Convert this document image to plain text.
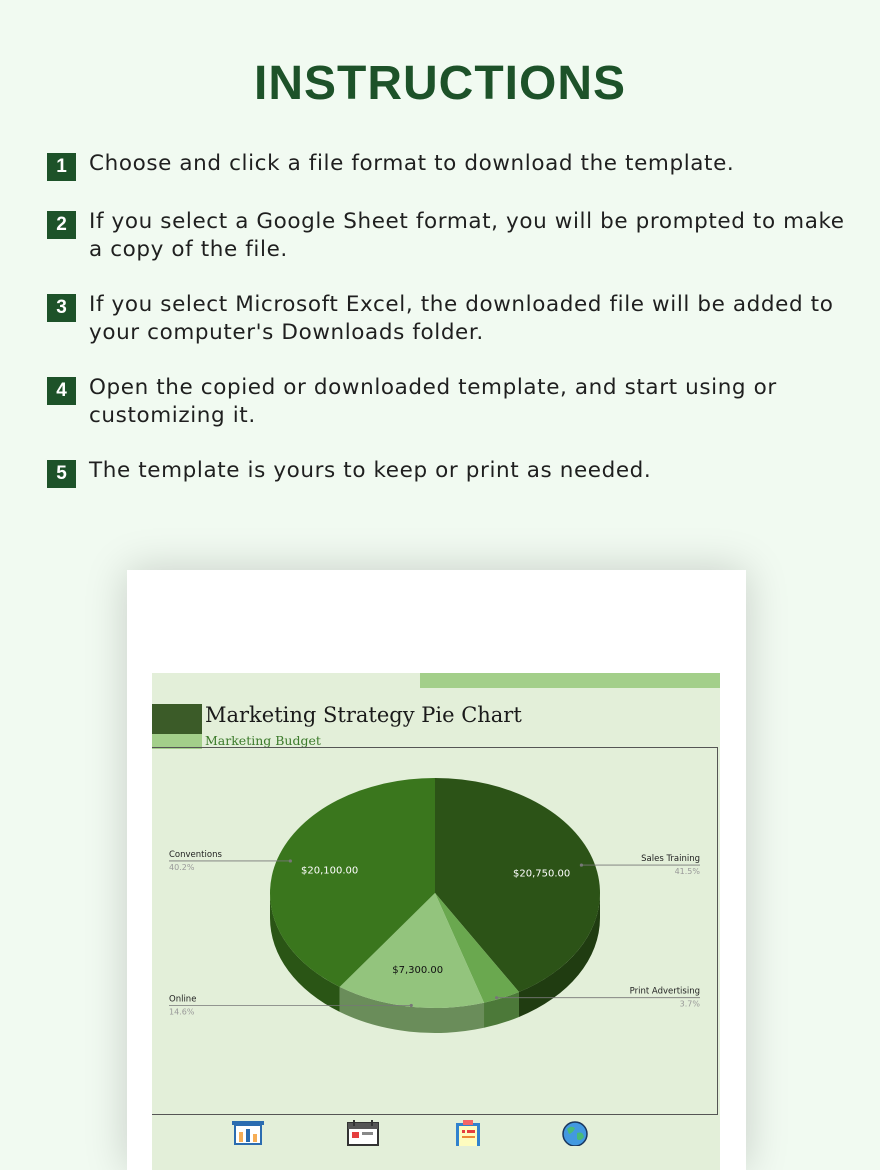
INSTRUCTIONS
1	Choose and click a file format to download the template.
2	If you select a Google Sheet format, you will be prompted to make a copy of the file.
3	If you select Microsoft Excel, the downloaded file will be added to your computer's Downloads folder.
4	Open the copied or downloaded template, and start using or customizing it.
5	The template is yours to keep or print as needed.
Marketing Strategy Pie Chart
Marketing Budget
$20,750.00
Sales Training
41.5%
Print Advertising
3.7%
$7,300.00
Online
14.6%
$20,100.00
Conventions
40.2%
